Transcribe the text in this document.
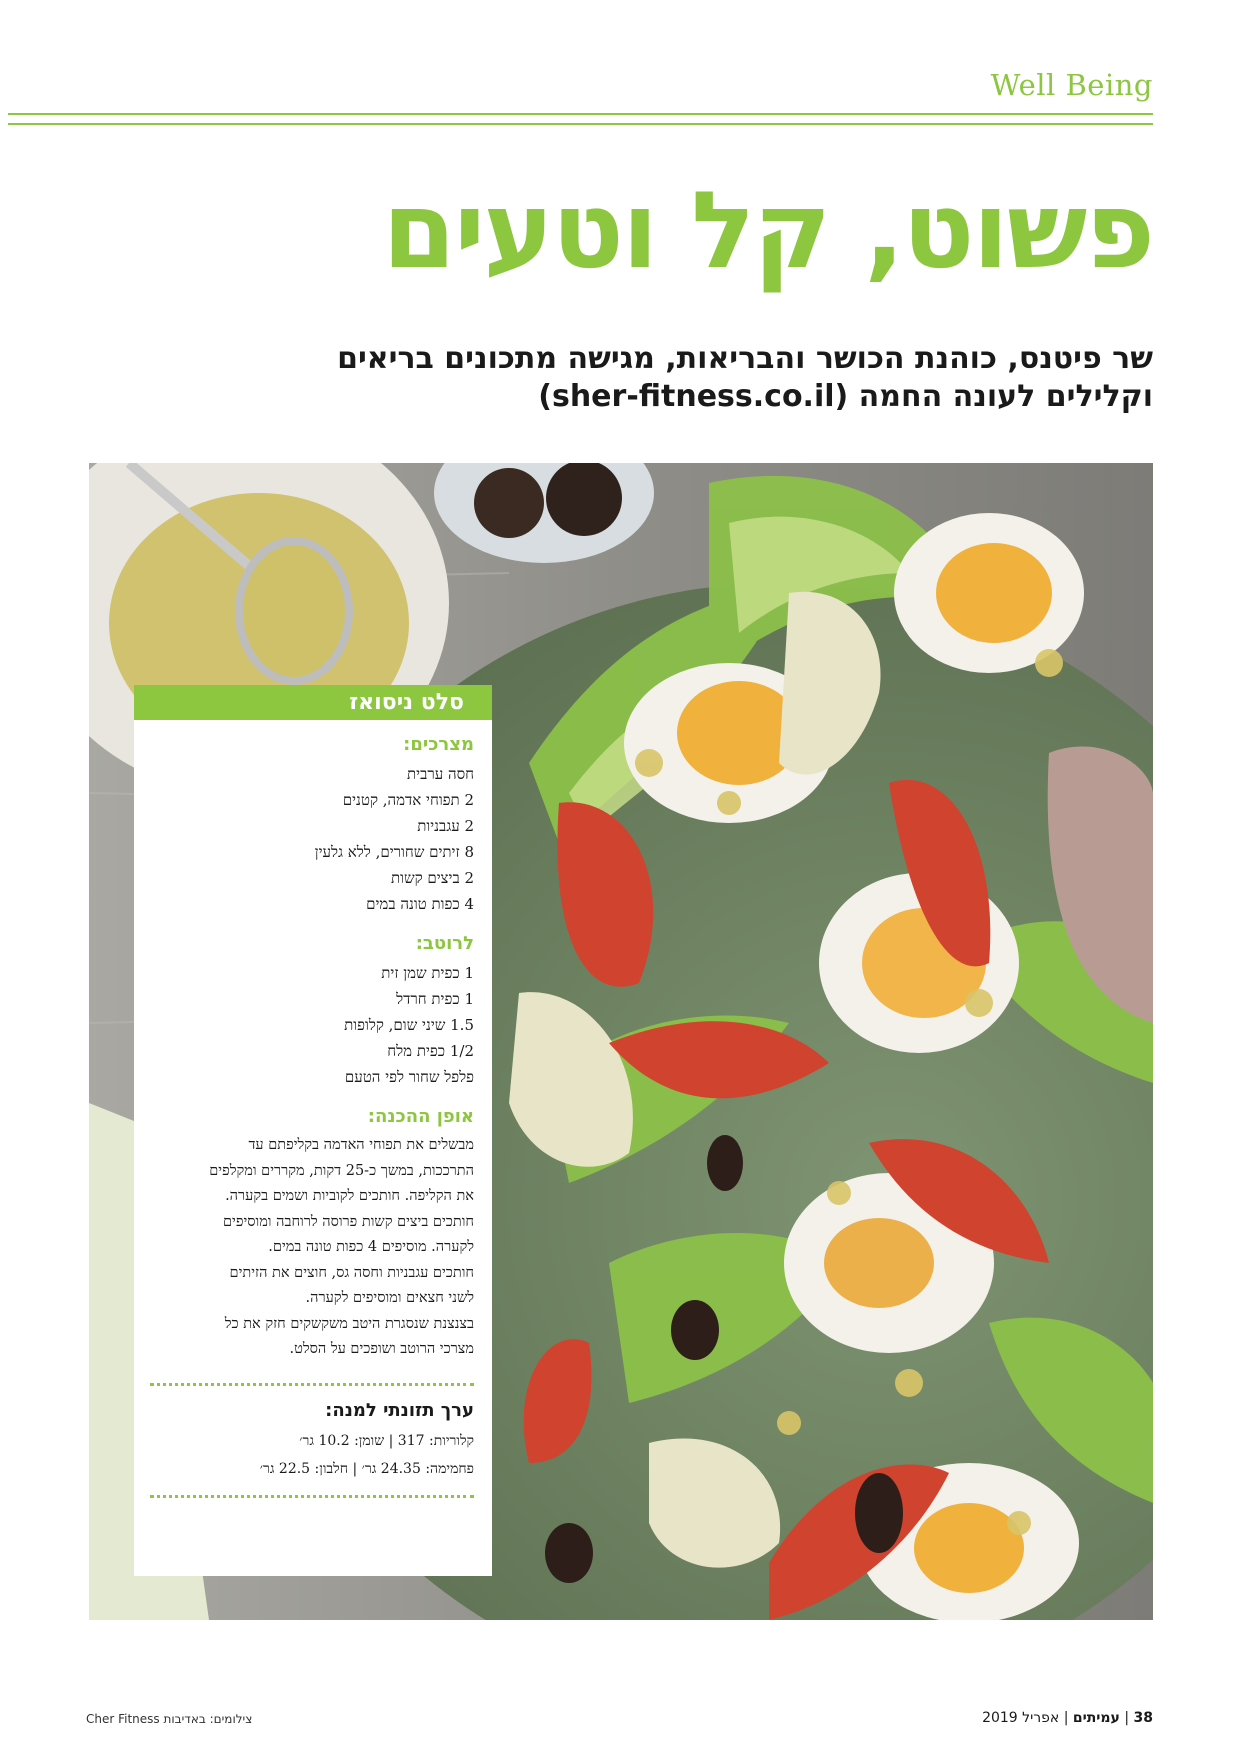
Well Being
פשוט, קל וטעים
שר פיטנס, כוהנת הכושר והבריאות, מגישה מתכונים בריאים
וקלילים לעונה החמה (sher-fitness.co.il)
סלט ניסואז
מצרכים:
חסה ערבית
2 תפוחי אדמה, קטנים
2 עגבניות
8 זיתים שחורים, ללא גלעין
2 ביצים קשות
4 כפות טונה במים
לרוטב:
1 כפית שמן זית
1 כפית חרדל
1.5 שיני שום, קלופות
1/2 כפית מלח
פלפל שחור לפי הטעם
אופן ההכנה:
מבשלים את תפוחי האדמה בקליפתם עד
התרככות, במשך כ-25 דקות, מקררים ומקלפים
את הקליפה. חותכים לקוביות ושמים בקערה.
חותכים ביצים קשות פרוסה לרוחבה ומוסיפים
לקערה. מוסיפים 4 כפות טונה במים.
חותכים עגבניות וחסה גס, חוצים את הזיתים
לשני חצאים ומוסיפים לקערה.
בצנצנת שנסגרת היטב משקשקים חזק את כל
מצרכי הרוטב ושופכים על הסלט.
ערך תזונתי למנה:
קלוריות: 317 | שומן: 10.2 גר׳
פחמימה: 24.35 גר׳ | חלבון: 22.5 גר׳
38 | עמיתים | אפריל 2019
צילומים: באדיבות Cher Fitness
